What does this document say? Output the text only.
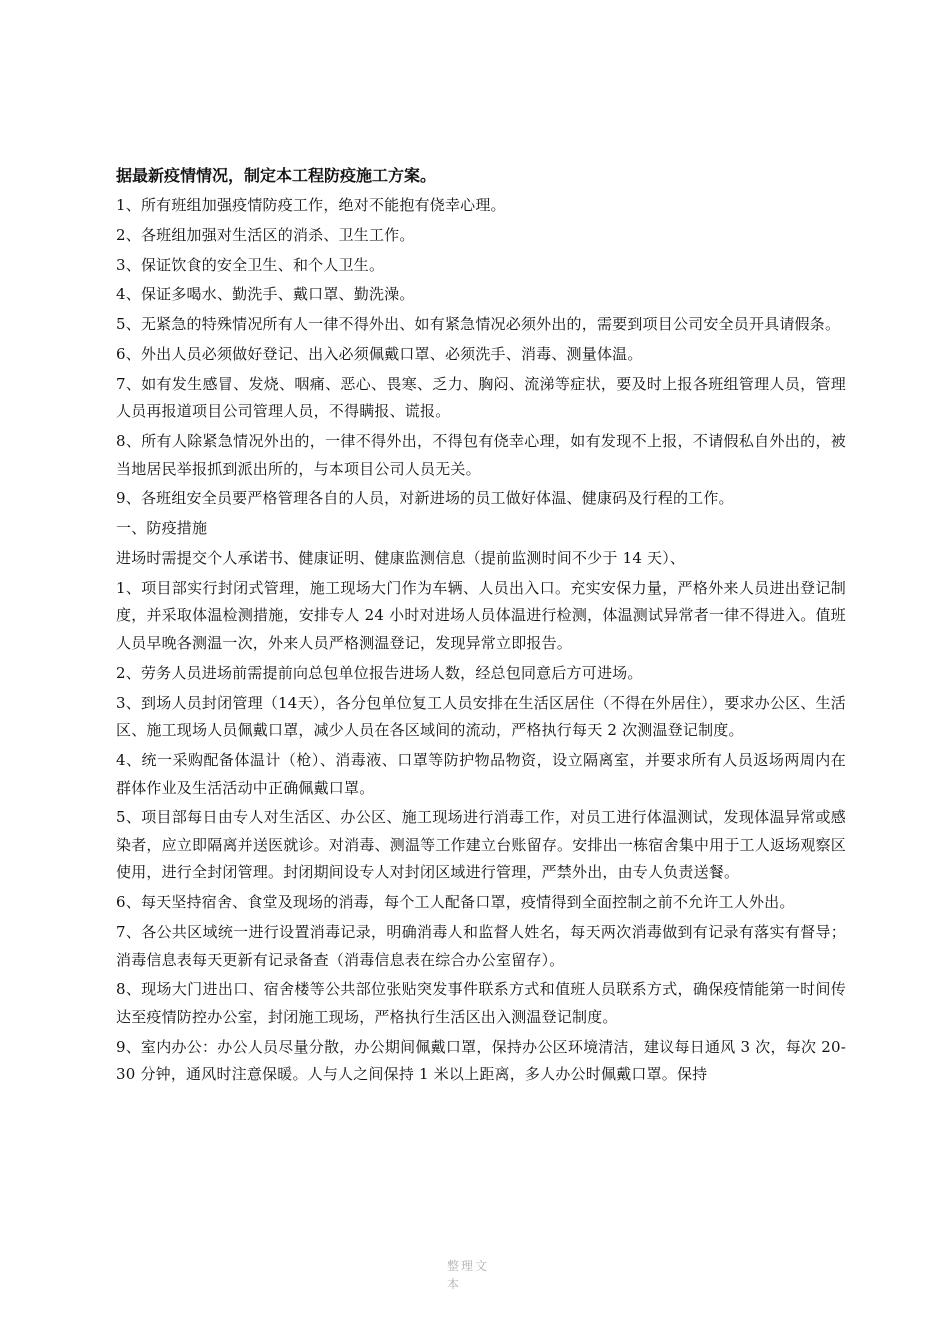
据最新疫情情况，制定本工程防疫施工方案。
1、所有班组加强疫情防疫工作，绝对不能抱有侥幸心理。
2、各班组加强对生活区的消杀、卫生工作。
3、保证饮食的安全卫生、和个人卫生。
4、保证多喝水、勤洗手、戴口罩、勤洗澡。
5、无紧急的特殊情况所有人一律不得外出、如有紧急情况必须外出的，需要到项目公司安全员开具请假条。
6、外出人员必须做好登记、出入必须佩戴口罩、必须洗手、消毒、测量体温。
7、如有发生感冒、发烧、咽痛、恶心、畏寒、乏力、胸闷、流涕等症状，要及时上报各班组管理人员，管理人员再报道项目公司管理人员，不得瞒报、谎报。
8、所有人除紧急情况外出的，一律不得外出，不得包有侥幸心理，如有发现不上报，不请假私自外出的，被当地居民举报抓到派出所的，与本项目公司人员无关。
9、各班组安全员要严格管理各自的人员，对新进场的员工做好体温、健康码及行程的工作。
一、防疫措施
进场时需提交个人承诺书、健康证明、健康监测信息（提前监测时间不少于 14 天）、
1、项目部实行封闭式管理，施工现场大门作为车辆、人员出入口。充实安保力量，严格外来人员进出登记制度，并采取体温检测措施，安排专人 24 小时对进场人员体温进行检测，体温测试异常者一律不得进入。值班人员早晚各测温一次，外来人员严格测温登记，发现异常立即报告。
2、劳务人员进场前需提前向总包单位报告进场人数，经总包同意后方可进场。
3、到场人员封闭管理（14天），各分包单位复工人员安排在生活区居住（不得在外居住），要求办公区、生活区、施工现场人员佩戴口罩，减少人员在各区域间的流动，严格执行每天 2 次测温登记制度。
4、统一采购配备体温计（枪）、消毒液、口罩等防护物品物资，设立隔离室，并要求所有人员返场两周内在群体作业及生活活动中正确佩戴口罩。
5、项目部每日由专人对生活区、办公区、施工现场进行消毒工作，对员工进行体温测试，发现体温异常或感染者，应立即隔离并送医就诊。对消毒、测温等工作建立台账留存。安排出一栋宿舍集中用于工人返场观察区使用，进行全封闭管理。封闭期间设专人对封闭区域进行管理，严禁外出，由专人负责送餐。
6、每天坚持宿舍、食堂及现场的消毒，每个工人配备口罩，疫情得到全面控制之前不允许工人外出。
7、各公共区域统一进行设置消毒记录，明确消毒人和监督人姓名，每天两次消毒做到有记录有落实有督导；消毒信息表每天更新有记录备查（消毒信息表在综合办公室留存）。
8、现场大门进出口、宿舍楼等公共部位张贴突发事件联系方式和值班人员联系方式，确保疫情能第一时间传达至疫情防控办公室，封闭施工现场，严格执行生活区出入测温登记制度。
9、室内办公：办公人员尽量分散，办公期间佩戴口罩，保持办公区环境清洁，建议每日通风 3 次，每次 20-30 分钟，通风时注意保暖。人与人之间保持 1 米以上距离，多人办公时佩戴口罩。保持
整理文本
